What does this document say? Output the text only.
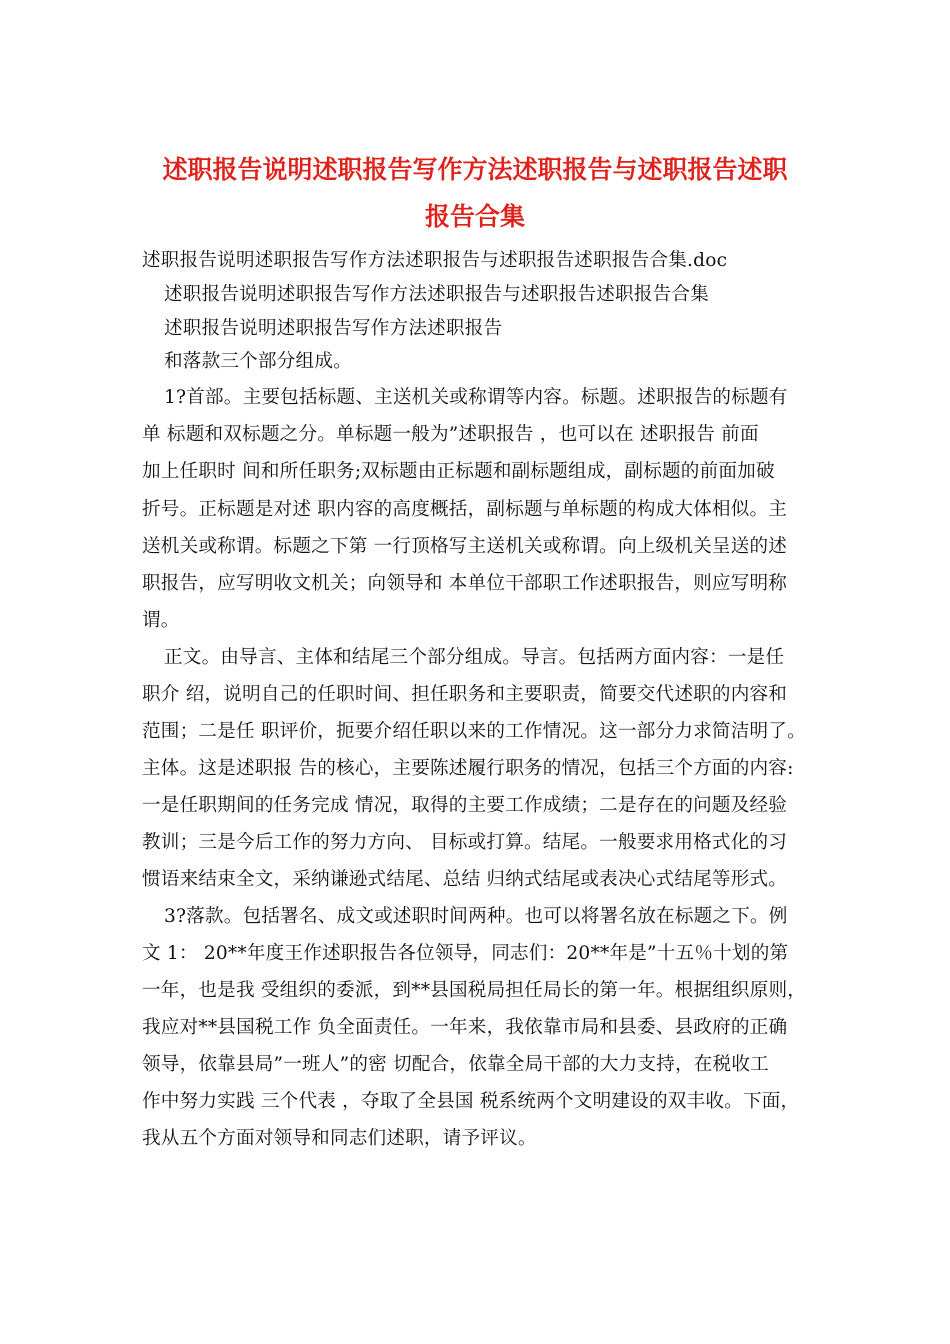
述职报告说明述职报告写作方法述职报告与述职报告述职
报告合集
述职报告说明述职报告写作方法述职报告与述职报告述职报告合集.doc
述职报告说明述职报告写作方法述职报告与述职报告述职报告合集
述职报告说明述职报告写作方法述职报告
和落款三个部分组成。
1?首部。主要包括标题、主送机关或称谓等内容。标题。述职报告的标题有
单 标题和双标题之分。单标题一般为”述职报告 ，也可以在 述职报告 前面
加上任职时 间和所任职务;双标题由正标题和副标题组成，副标题的前面加破
折号。正标题是对述 职内容的高度概括，副标题与单标题的构成大体相似。主
送机关或称谓。标题之下第 一行顶格写主送机关或称谓。向上级机关呈送的述
职报告，应写明收文机关；向领导和 本单位干部职工作述职报告，则应写明称
谓。
正文。由导言、主体和结尾三个部分组成。导言。包括两方面内容：一是任
职介 绍，说明自己的任职时间、担任职务和主要职责，简要交代述职的内容和
范围；二是任 职评价，扼要介绍任职以来的工作情况。这一部分力求简洁明了。
主体。这是述职报 告的核心，主要陈述履行职务的情况，包括三个方面的内容:
一是任职期间的任务完成 情况，取得的主要工作成绩；二是存在的问题及经验
教训；三是今后工作的努力方向、 目标或打算。结尾。一般要求用格式化的习
惯语来结束全文，采纳谦逊式结尾、总结 归纳式结尾或表决心式结尾等形式。
3?落款。包括署名、成文或述职时间两种。也可以将署名放在标题之下。例
文 1： 20**年度王作述职报告各位领导，同志们：20**年是”十五％十划的第
一年，也是我 受组织的委派，到**县国税局担任局长的第一年。根据组织原则，
我应对**县国税工作 负全面责任。一年来，我依靠市局和县委、县政府的正确
领导，依靠县局”一班人”的密 切配合，依靠全局干部的大力支持，在税收工
作中努力实践 三个代表 ，夺取了全县国 税系统两个文明建设的双丰收。下面，
我从五个方面对领导和同志们述职，请予评议。
